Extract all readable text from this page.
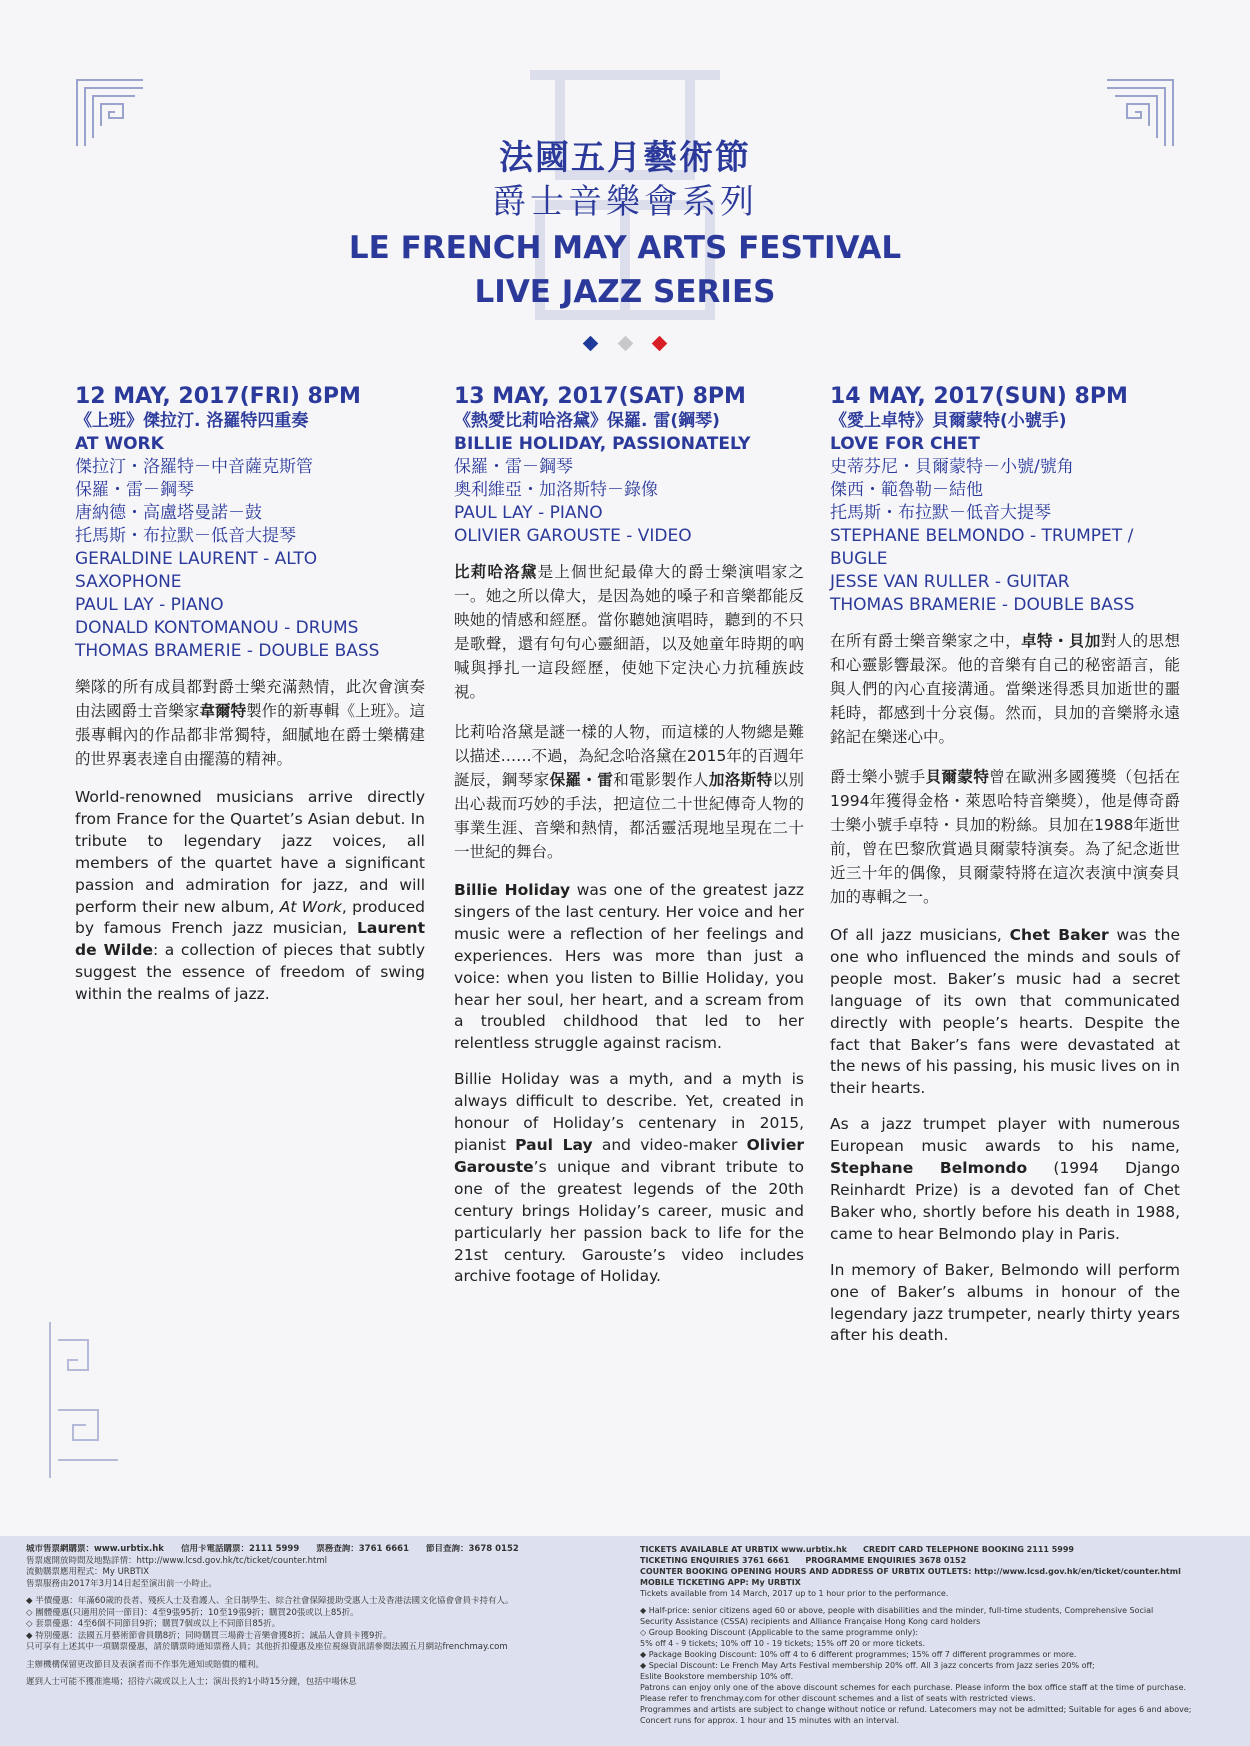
法國五月藝術節

爵士音樂會系列

LE FRENCH MAY ARTS FESTIVAL

LIVE JAZZ SERIES

12 MAY, 2017(FRI) 8PM

《上班》傑拉汀. 洛羅特四重奏

AT WORK

傑拉汀・洛羅特－中音薩克斯管

保羅・雷－鋼琴

唐納德・高盧塔曼諾－鼓

托馬斯・布拉默－低音大提琴

GERALDINE LAURENT - ALTO SAXOPHONE

PAUL LAY - PIANO

DONALD KONTOMANOU - DRUMS

THOMAS BRAMERIE - DOUBLE BASS

樂隊的所有成員都對爵士樂充滿熱情，此次會演奏由法國爵士音樂家韋爾特製作的新專輯《上班》。這張專輯內的作品都非常獨特，細膩地在爵士樂構建的世界裏表達自由擺蕩的精神。

World-renowned musicians arrive directly from France for the Quartet’s Asian debut. In tribute to legendary jazz voices, all members of the quartet have a significant passion and admiration for jazz, and will perform their new album, At Work, produced by famous French jazz musician, Laurent de Wilde: a collection of pieces that subtly suggest the essence of freedom of swing within the realms of jazz.

13 MAY, 2017(SAT) 8PM

《熱愛比莉哈洛黛》保羅. 雷(鋼琴)

BILLIE HOLIDAY, PASSIONATELY

保羅・雷－鋼琴

奧利維亞・加洛斯特－錄像

PAUL LAY - PIANO

OLIVIER GAROUSTE - VIDEO

比莉哈洛黛是上個世紀最偉大的爵士樂演唱家之一。她之所以偉大，是因為她的嗓子和音樂都能反映她的情感和經歷。當你聽她演唱時，聽到的不只是歌聲，還有句句心靈細語，以及她童年時期的吶喊與掙扎一這段經歷，使她下定決心力抗種族歧視。

比莉哈洛黛是謎一樣的人物，而這樣的人物總是難以描述……不過，為紀念哈洛黛在2015年的百週年誕辰，鋼琴家保羅・雷和電影製作人加洛斯特以別出心裁而巧妙的手法，把這位二十世紀傳奇人物的事業生涯、音樂和熱情，都活靈活現地呈現在二十一世紀的舞台。

Billie Holiday was one of the greatest jazz singers of the last century. Her voice and her music were a reflection of her feelings and experiences. Hers was more than just a voice: when you listen to Billie Holiday, you hear her soul, her heart, and a scream from a troubled childhood that led to her relentless struggle against racism.

Billie Holiday was a myth, and a myth is always difficult to describe. Yet, created in honour of Holiday’s centenary in 2015, pianist Paul Lay and video-maker Olivier Garouste’s unique and vibrant tribute to one of the greatest legends of the 20th century brings Holiday’s career, music and particularly her passion back to life for the 21st century. Garouste’s video includes archive footage of Holiday.

14 MAY, 2017(SUN) 8PM

《愛上卓特》貝爾蒙特(小號手)

LOVE FOR CHET

史蒂芬尼・貝爾蒙特－小號/號角

傑西・範魯勒－結他

托馬斯・布拉默－低音大提琴

STEPHANE BELMONDO - TRUMPET / BUGLE

JESSE VAN RULLER - GUITAR

THOMAS BRAMERIE - DOUBLE BASS

在所有爵士樂音樂家之中，卓特・貝加對人的思想和心靈影響最深。他的音樂有自己的秘密語言，能與人們的內心直接溝通。當樂迷得悉貝加逝世的噩耗時，都感到十分哀傷。然而，貝加的音樂將永遠銘記在樂迷心中。

爵士樂小號手貝爾蒙特曾在歐洲多國獲獎（包括在1994年獲得金格・萊恩哈特音樂獎），他是傳奇爵士樂小號手卓特・貝加的粉絲。貝加在1988年逝世前，曾在巴黎欣賞過貝爾蒙特演奏。為了紀念逝世近三十年的偶像，貝爾蒙特將在這次表演中演奏貝加的專輯之一。

Of all jazz musicians, Chet Baker was the one who influenced the minds and souls of people most. Baker’s music had a secret language of its own that communicated directly with people’s hearts. Despite the fact that Baker’s fans were devastated at the news of his passing, his music lives on in their hearts.

As a jazz trumpet player with numerous European music awards to his name, Stephane Belmondo (1994 Django Reinhardt Prize) is a devoted fan of Chet Baker who, shortly before his death in 1988, came to hear Belmondo play in Paris.

In memory of Baker, Belmondo will perform one of Baker’s albums in honour of the legendary jazz trumpeter, nearly thirty years after his death.

城市售票網購票：www.urbtix.hk　　信用卡電話購票：2111 5999　　票務查詢：3761 6661　　節目查詢：3678 0152
售票處開放時間及地點詳情：http://www.lcsd.gov.hk/tc/ticket/counter.html
流動購票應用程式：My URBTIX
售票服務由2017年3月14日起至演出前一小時止。
◆ 半價優惠：年滿60歲的長者、殘疾人士及看護人、全日制學生、綜合社會保障援助受惠人士及香港法國文化協會會員卡持有人。
◇ 團體優惠(只適用於同一節目)：4至9張95折；10至19張9折；購買20張或以上85折。
◇ 套票優惠：4至6個不同節目9折；購買7個或以上不同節目85折。
◆ 特別優惠：法國五月藝術節會員購8折；同時購買三場爵士音樂會獲8折；誠品人會員卡獲9折。
只可享有上述其中一項購票優惠，請於購票時通知票務人員；其他折扣優惠及座位視線資訊請參閱法國五月網站frenchmay.com
主辦機構保留更改節目及表演者而不作事先通知或賠償的權利。
遲到人士可能不獲准進場；招待六歲或以上人士；演出長約1小時15分鐘，包括中場休息
TICKETS AVAILABLE AT URBTIX www.urbtix.hk　　CREDIT CARD TELEPHONE BOOKING 2111 5999
TICKETING ENQUIRIES 3761 6661　　PROGRAMME ENQUIRIES 3678 0152
COUNTER BOOKING OPENING HOURS AND ADDRESS OF URBTIX OUTLETS: http://www.lcsd.gov.hk/en/ticket/counter.html
MOBILE TICKETING APP: My URBTIX
Tickets available from 14 March, 2017 up to 1 hour prior to the performance.
◆ Half-price: senior citizens aged 60 or above, people with disabilities and the minder, full-time students, Comprehensive Social
Security Assistance (CSSA) recipients and Alliance Française Hong Kong card holders
◇ Group Booking Discount (Applicable to the same programme only):
5% off 4 - 9 tickets; 10% off 10 - 19 tickets; 15% off 20 or more tickets.
◆ Package Booking Discount: 10% off 4 to 6 different programmes; 15% off 7 different programmes or more.
◆ Special Discount: Le French May Arts Festival membership 20% off. All 3 jazz concerts from Jazz series 20% off;
Eslite Bookstore membership 10% off.
Patrons can enjoy only one of the above discount schemes for each purchase. Please inform the box office staff at the time of purchase.
Please refer to frenchmay.com for other discount schemes and a list of seats with restricted views.
Programmes and artists are subject to change without notice or refund. Latecomers may not be admitted; Suitable for ages 6 and above;
Concert runs for approx. 1 hour and 15 minutes with an interval.
